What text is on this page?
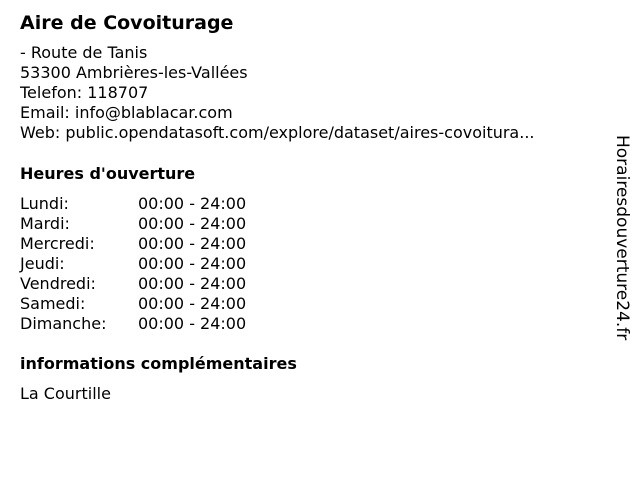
Aire de Covoiturage
- Route de Tanis
53300 Ambrières-les-Vallées
Telefon: 118707
Email: info@blablacar.com
Web: public.opendatasoft.com/explore/dataset/aires-covoitura...
Heures d'ouverture
Lundi:	00:00 - 24:00
Mardi:	00:00 - 24:00
Mercredi:	00:00 - 24:00
Jeudi:	00:00 - 24:00
Vendredi:	00:00 - 24:00
Samedi:	00:00 - 24:00
Dimanche: 00:00 - 24:00
informations complémentaires
La Courtille
Horairesdouverture24.fr
